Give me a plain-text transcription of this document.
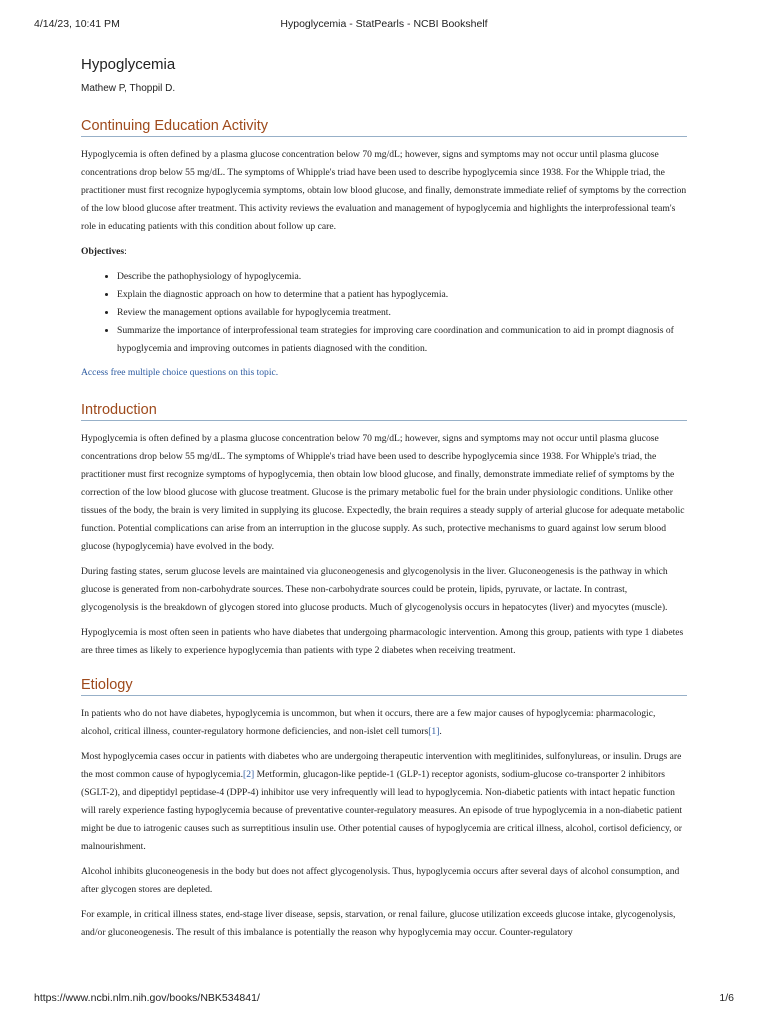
4/14/23, 10:41 PM	Hypoglycemia - StatPearls - NCBI Bookshelf
Hypoglycemia
Mathew P, Thoppil D.
Continuing Education Activity

Hypoglycemia is often defined by a plasma glucose concentration below 70 mg/dL; however, signs and symptoms may not occur until plasma glucose concentrations drop below 55 mg/dL. The symptoms of Whipple's triad have been used to describe hypoglycemia since 1938. For the Whipple triad, the practitioner must first recognize hypoglycemia symptoms, obtain low blood glucose, and finally, demonstrate immediate relief of symptoms by the correction of the low blood glucose after treatment. This activity reviews the evaluation and management of hypoglycemia and highlights the interprofessional team's role in educating patients with this condition about follow up care.

Objectives:

• Describe the pathophysiology of hypoglycemia.
• Explain the diagnostic approach on how to determine that a patient has hypoglycemia.
• Review the management options available for hypoglycemia treatment.
• Summarize the importance of interprofessional team strategies for improving care coordination and communication to aid in prompt diagnosis of hypoglycemia and improving outcomes in patients diagnosed with the condition.

Access free multiple choice questions on this topic.

Introduction

Hypoglycemia is often defined by a plasma glucose concentration below 70 mg/dL; however, signs and symptoms may not occur until plasma glucose concentrations drop below 55 mg/dL. The symptoms of Whipple's triad have been used to describe hypoglycemia since 1938. For Whipple's triad, the practitioner must first recognize symptoms of hypoglycemia, then obtain low blood glucose, and finally, demonstrate immediate relief of symptoms by the correction of the low blood glucose with glucose treatment. Glucose is the primary metabolic fuel for the brain under physiologic conditions. Unlike other tissues of the body, the brain is very limited in supplying its glucose. Expectedly, the brain requires a steady supply of arterial glucose for adequate metabolic function. Potential complications can arise from an interruption in the glucose supply. As such, protective mechanisms to guard against low serum blood glucose (hypoglycemia) have evolved in the body.

During fasting states, serum glucose levels are maintained via gluconeogenesis and glycogenolysis in the liver. Gluconeogenesis is the pathway in which glucose is generated from non-carbohydrate sources. These non-carbohydrate sources could be protein, lipids, pyruvate, or lactate. In contrast, glycogenolysis is the breakdown of glycogen stored into glucose products. Much of glycogenolysis occurs in hepatocytes (liver) and myocytes (muscle).

Hypoglycemia is most often seen in patients who have diabetes that undergoing pharmacologic intervention. Among this group, patients with type 1 diabetes are three times as likely to experience hypoglycemia than patients with type 2 diabetes when receiving treatment.

Etiology

In patients who do not have diabetes, hypoglycemia is uncommon, but when it occurs, there are a few major causes of hypoglycemia: pharmacologic, alcohol, critical illness, counter-regulatory hormone deficiencies, and non-islet cell tumors[1].

Most hypoglycemia cases occur in patients with diabetes who are undergoing therapeutic intervention with meglitinides, sulfonylureas, or insulin. Drugs are the most common cause of hypoglycemia.[2] Metformin, glucagon-like peptide-1 (GLP-1) receptor agonists, sodium-glucose co-transporter 2 inhibitors (SGLT-2), and dipeptidyl peptidase-4 (DPP-4) inhibitor use very infrequently will lead to hypoglycemia. Non-diabetic patients with intact hepatic function will rarely experience fasting hypoglycemia because of preventative counter-regulatory measures. An episode of true hypoglycemia in a non-diabetic patient might be due to iatrogenic causes such as surreptitious insulin use. Other potential causes of hypoglycemia are critical illness, alcohol, cortisol deficiency, or malnourishment.

Alcohol inhibits gluconeogenesis in the body but does not affect glycogenolysis. Thus, hypoglycemia occurs after several days of alcohol consumption, and after glycogen stores are depleted.

For example, in critical illness states, end-stage liver disease, sepsis, starvation, or renal failure, glucose utilization exceeds glucose intake, glycogenolysis, and/or gluconeogenesis. The result of this imbalance is potentially the reason why hypoglycemia may occur. Counter-regulatory

https://www.ncbi.nlm.nih.gov/books/NBK534841/	1/6
